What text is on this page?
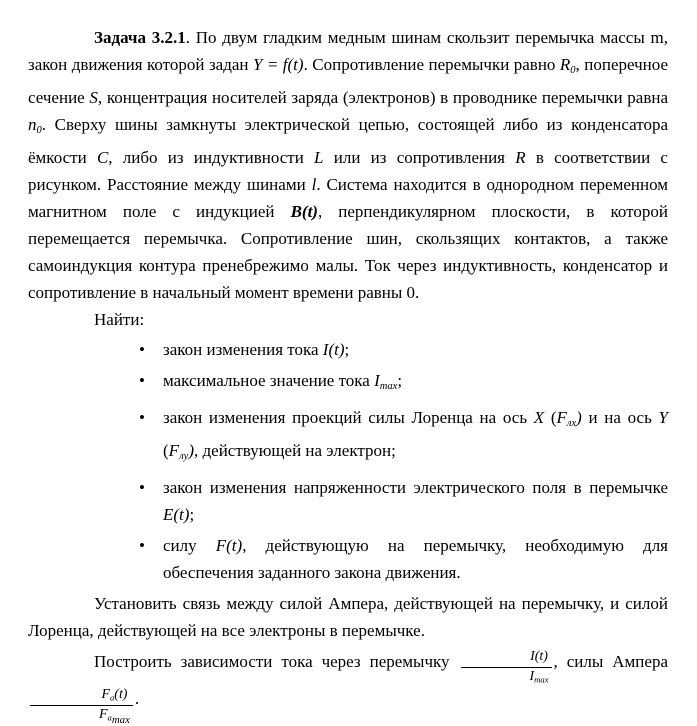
Задача 3.2.1. По двум гладким медным шинам скользит перемычка массы m, закон движения которой задан Y = f(t). Сопротивление перемычки равно R0, поперечное сечение S, концентрация носителей заряда (электронов) в проводнике перемычки равна n0. Сверху шины замкнуты электрической цепью, состоящей либо из конденсатора ёмкости C, либо из индуктивности L или из сопротивления R в соответствии с рисунком. Расстояние между шинами l. Система находится в однородном переменном магнитном поле с индукцией B(t), перпендикулярном плоскости, в которой перемещается перемычка. Сопротивление шин, скользящих контактов, а также самоиндукция контура пренебрежимо малы. Ток через индуктивность, конденсатор и сопротивление в начальный момент времени равны 0.

Найти:

• закон изменения тока I(t);
• максимальное значение тока Imax;
• закон изменения проекций силы Лоренца на ось X (Fлx) и на ось Y (Fлy), действующей на электрон;
• закон изменения напряженности электрического поля в перемычке E(t);
• силу F(t), действующую на перемычку, необходимую для обеспечения заданного закона движения.

Установить связь между силой Ампера, действующей на перемычку, и силой Лоренца, действующей на все электроны в перемычке.

Построить зависимости тока через перемычку $\frac{I(t)}{Imax}$ , силы Ампера
$\frac{Fa(t)}{Fa_{max}}$ .
